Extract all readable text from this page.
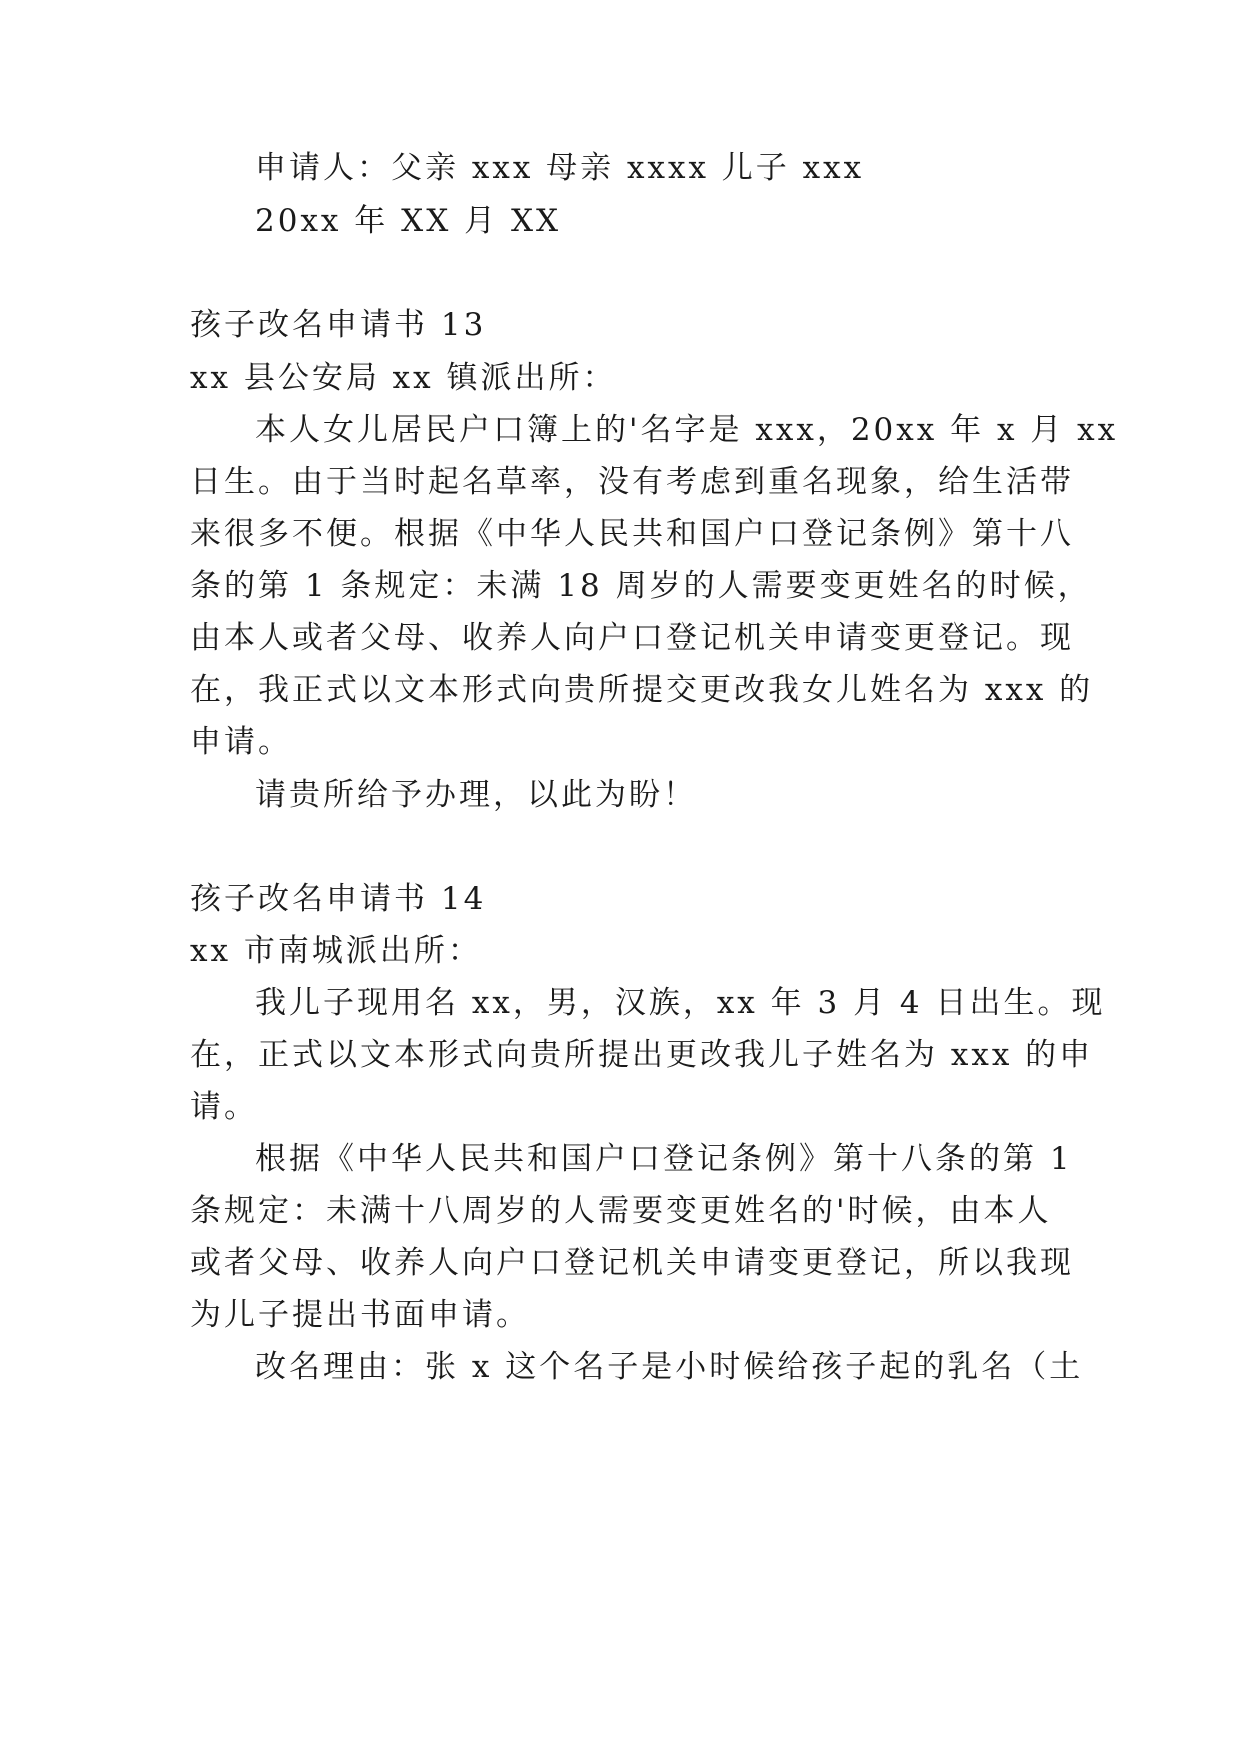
申请人：父亲 xxx 母亲 xxxx 儿子 xxx
20xx 年 XX 月 XX
孩子改名申请书 13
xx 县公安局 xx 镇派出所：
本人女儿居民户口簿上的'名字是 xxx，20xx 年 x 月 xx
日生。由于当时起名草率，没有考虑到重名现象，给生活带
来很多不便。根据《中华人民共和国户口登记条例》第十八
条的第 1 条规定：未满 18 周岁的人需要变更姓名的时候，
由本人或者父母、收养人向户口登记机关申请变更登记。现
在，我正式以文本形式向贵所提交更改我女儿姓名为 xxx 的
申请。
请贵所给予办理，以此为盼！
孩子改名申请书 14
xx 市南城派出所：
我儿子现用名 xx，男，汉族，xx 年 3 月 4 日出生。现
在，正式以文本形式向贵所提出更改我儿子姓名为 xxx 的申
请。
根据《中华人民共和国户口登记条例》第十八条的第 1
条规定：未满十八周岁的人需要变更姓名的'时候，由本人
或者父母、收养人向户口登记机关申请变更登记，所以我现
为儿子提出书面申请。
改名理由：张 x 这个名子是小时候给孩子起的乳名（土
